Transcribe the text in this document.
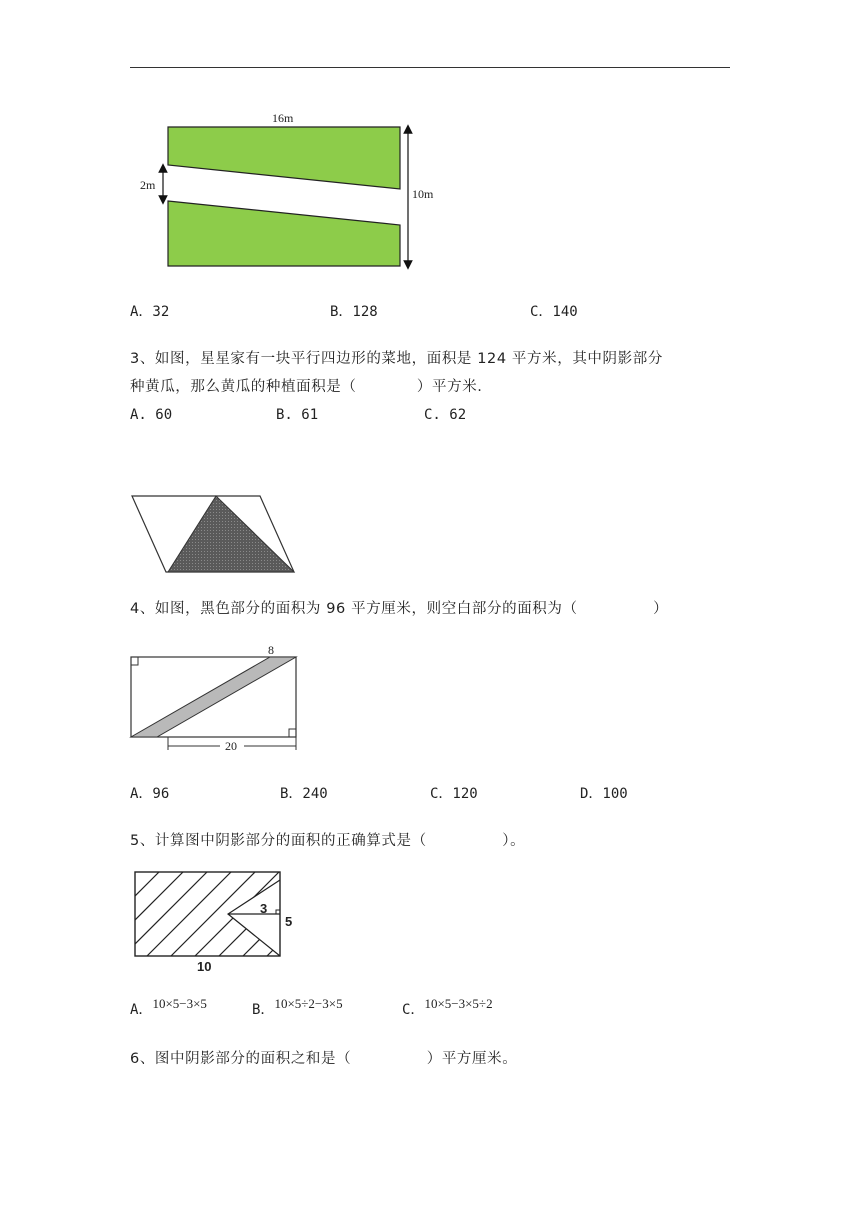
16m
2m
10m
A．32	B．128	C．140
3、如图，星星家有一块平行四边形的菜地，面积是 124 平方米，其中阴影部分
种黄瓜，那么黄瓜的种植面积是（　　　　）平方米.
A. 60	B. 61	C. 62
4、如图，黑色部分的面积为 96 平方厘米，则空白部分的面积为（　　　　　）
8
20
A．96	B．240	C．120	D．100
5、计算图中阴影部分的面积的正确算式是（　　　　　）。
3
5
10
A．$^{10\times 5-3\times 5}$	B．$^{10\times 5\div 2-3\times 5}$	C．$^{10\times 5-3\times 5\div 2}$
6、图中阴影部分的面积之和是（　　　　　）平方厘米。
